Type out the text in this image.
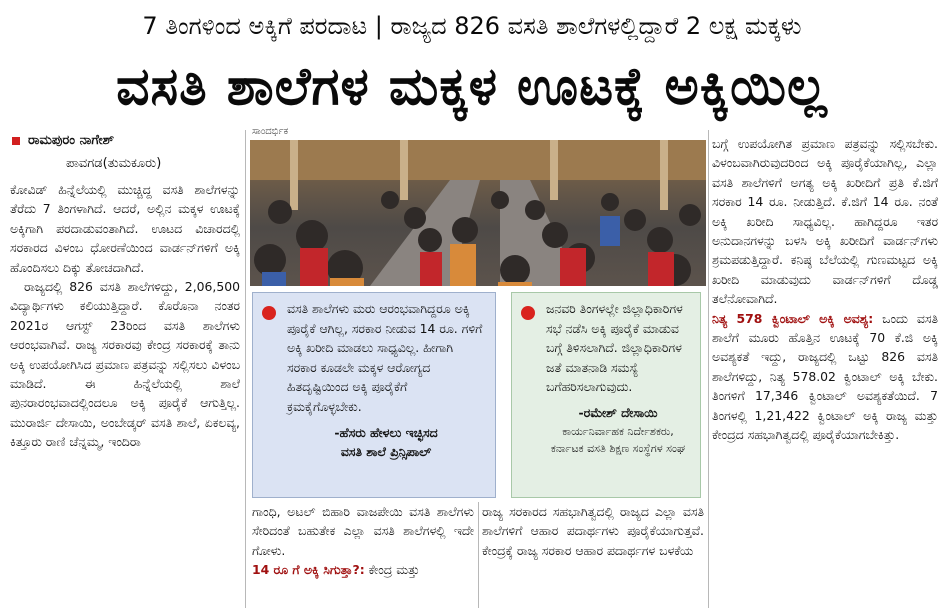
7 ತಿಂಗಳಿಂದ ಅಕ್ಕಿಗೆ ಪರದಾಟ | ರಾಜ್ಯದ 826 ವಸತಿ ಶಾಲೆಗಳಲ್ಲಿದ್ದಾರೆ 2 ಲಕ್ಷ ಮಕ್ಕಳು
ವಸತಿ ಶಾಲೆಗಳ ಮಕ್ಕಳ ಊಟಕ್ಕೆ ಅಕ್ಕಿಯಿಲ್ಲ
ರಾಮಪುರಂ ನಾಗೇಶ್
ಪಾವಗಡ(ತುಮಕೂರು)

ಕೋವಿಡ್ ಹಿನ್ನೆಲೆಯಲ್ಲಿ ಮುಚ್ಚಿದ್ದ ವಸತಿ ಶಾಲೆಗಳನ್ನು ತೆರೆದು 7 ತಿಂಗಳಾಗಿದೆ. ಆದರೆ, ಅಲ್ಲಿನ ಮಕ್ಕಳ ಊಟಕ್ಕೆ ಅಕ್ಕಿಗಾಗಿ ಪರದಾಡುವಂತಾಗಿದೆ. ಊಟದ ವಿಚಾರದಲ್ಲಿ ಸರಕಾರದ ವಿಳಂಬ ಧೋರಣೆಯಿಂದ ವಾರ್ಡನ್‌ಗಳಿಗೆ ಅಕ್ಕಿ ಹೊಂದಿಸಲು ದಿಕ್ಕು ತೋಚದಾಗಿದೆ.

ರಾಜ್ಯದಲ್ಲಿ 826 ವಸತಿ ಶಾಲೆಗಳಿದ್ದು, 2,06,500 ವಿದ್ಯಾರ್ಥಿಗಳು ಕಲಿಯುತ್ತಿದ್ದಾರೆ. ಕೊರೊನಾ ನಂತರ 2021ರ ಆಗಸ್ಟ್ 23ರಿಂದ ವಸತಿ ಶಾಲೆಗಳು ಆರಂಭವಾಗಿವೆ. ರಾಜ್ಯ ಸರಕಾರವು ಕೇಂದ್ರ ಸರಕಾರಕ್ಕೆ ತಾನು ಅಕ್ಕಿ ಉಪಯೋಗಿಸಿದ ಪ್ರಮಾಣ ಪತ್ರವನ್ನು ಸಲ್ಲಿಸಲು ವಿಳಂಬ ಮಾಡಿದೆ. ಈ ಹಿನ್ನೆಲೆಯಲ್ಲಿ ಶಾಲೆ ಪುನರಾರಂಭವಾದಲ್ಲಿಂದಲೂ ಅಕ್ಕಿ ಪೂರೈಕೆ ಆಗುತ್ತಿಲ್ಲ. ಮುರಾರ್ಜಿ ದೇಸಾಯಿ, ಅಂಬೇಡ್ಕರ್ ವಸತಿ ಶಾಲೆ, ಏಕಲವ್ಯ, ಕಿತ್ತೂರು ರಾಣಿ ಚೆನ್ನಮ್ಮ, ಇಂದಿರಾ

ಸಾಂದರ್ಭಿಕ
ವಸತಿ ಶಾಲೆಗಳು ಮರು ಆರಂಭವಾಗಿದ್ದರೂ ಅಕ್ಕಿ ಪೂರೈಕೆ ಆಗಿಲ್ಲ, ಸರಕಾರ ನೀಡುವ 14 ರೂ. ಗಳಿಗೆ ಅಕ್ಕಿ ಖರೀದಿ ಮಾಡಲು ಸಾಧ್ಯವಿಲ್ಲ. ಹೀಗಾಗಿ ಸರಕಾರ ಕೂಡಲೇ ಮಕ್ಕಳ ಆರೋಗ್ಯದ ಹಿತದೃಷ್ಟಿಯಿಂದ ಅಕ್ಕಿ ಪೂರೈಕೆಗೆ ಕ್ರಮಕೈಗೊಳ್ಳಬೇಕು.
-ಹೆಸರು ಹೇಳಲು ಇಚ್ಛಿಸದ
ವಸತಿ ಶಾಲೆ ಪ್ರಿನ್ಸಿಪಾಲ್
ಜನವರಿ ತಿಂಗಳಲ್ಲೇ ಜಿಲ್ಲಾಧಿಕಾರಿಗಳ ಸಭೆ ನಡೆಸಿ ಅಕ್ಕಿ ಪೂರೈಕೆ ಮಾಡುವ ಬಗ್ಗೆ ತಿಳಿಸಲಾಗಿದೆ. ಜಿಲ್ಲಾಧಿಕಾರಿಗಳ ಜತೆ ಮಾತನಾಡಿ ಸಮಸ್ಯೆ ಬಗೆಹರಿಸಲಾಗುವುದು.
-ರಮೇಶ್ ದೇಸಾಯಿ
ಕಾರ್ಯನಿರ್ವಾಹಕ ನಿರ್ದೇಶಕರು,
ಕರ್ನಾಟಕ ವಸತಿ ಶಿಕ್ಷಣ ಸಂಸ್ಥೆಗಳ ಸಂಘ
ಗಾಂಧಿ, ಅಟಲ್ ಬಿಹಾರಿ ವಾಜಪೇಯಿ ವಸತಿ ಶಾಲೆಗಳು ಸೇರಿದಂತೆ ಬಹುತೇಕ ಎಲ್ಲಾ ವಸತಿ ಶಾಲೆಗಳಲ್ಲಿ ಇದೇ ಗೋಳು.
14 ರೂ ಗೆ ಅಕ್ಕಿ ಸಿಗುತ್ತಾ?: ಕೇಂದ್ರ ಮತ್ತು
ರಾಜ್ಯ ಸರಕಾರದ ಸಹಭಾಗಿತ್ವದಲ್ಲಿ ರಾಜ್ಯದ ಎಲ್ಲಾ ವಸತಿ ಶಾಲೆಗಳಿಗೆ ಆಹಾರ ಪದಾರ್ಥಗಳು ಪೂರೈಕೆಯಾಗುತ್ತವೆ. ಕೇಂದ್ರಕ್ಕೆ ರಾಜ್ಯ ಸರಕಾರ ಆಹಾರ ಪದಾರ್ಥಗಳ ಬಳಕೆಯ

ಬಗ್ಗೆ ಉಪಯೋಗಿತ ಪ್ರಮಾಣ ಪತ್ರವನ್ನು ಸಲ್ಲಿಸಬೇಕು. ವಿಳಂಬವಾಗಿರುವುದರಿಂದ ಅಕ್ಕಿ ಪೂರೈಕೆಯಾಗಿಲ್ಲ, ಎಲ್ಲಾ ವಸತಿ ಶಾಲೆಗಳಿಗೆ ಅಗತ್ಯ ಅಕ್ಕಿ ಖರೀದಿಗೆ ಪ್ರತಿ ಕೆ.ಜಿಗೆ ಸರಕಾರ 14 ರೂ. ನೀಡುತ್ತಿದೆ. ಕೆ.ಜಿಗೆ 14 ರೂ. ನಂತೆ ಅಕ್ಕಿ ಖರೀದಿ ಸಾಧ್ಯವಿಲ್ಲ. ಹಾಗಿದ್ದರೂ ಇತರ ಅನುದಾನಗಳನ್ನು ಬಳಸಿ ಅಕ್ಕಿ ಖರೀದಿಗೆ ವಾರ್ಡನ್‌ಗಳು ಶ್ರಮಪಡುತ್ತಿದ್ದಾರೆ. ಕನಿಷ್ಠ ಬೆಲೆಯಲ್ಲಿ ಗುಣಮಟ್ಟದ ಅಕ್ಕಿ ಖರೀದಿ ಮಾಡುವುದು ವಾರ್ಡನ್‌ಗಳಿಗೆ ದೊಡ್ಡ ತಲೆನೋವಾಗಿದೆ.

ನಿತ್ಯ 578 ಕ್ವಿಂಟಾಲ್ ಅಕ್ಕಿ ಅವಶ್ಯ: ಒಂದು ವಸತಿ ಶಾಲೆಗೆ ಮೂರು ಹೊತ್ತಿನ ಊಟಕ್ಕೆ 70 ಕೆ.ಜಿ ಅಕ್ಕಿ ಅವಶ್ಯಕತೆ ಇದ್ದು, ರಾಜ್ಯದಲ್ಲಿ ಒಟ್ಟು 826 ವಸತಿ ಶಾಲೆಗಳಿದ್ದು, ನಿತ್ಯ 578.02 ಕ್ವಿಂಟಾಲ್ ಅಕ್ಕಿ ಬೇಕು. ತಿಂಗಳಿಗೆ 17,346 ಕ್ವಿಂಟಾಲ್ ಅವಶ್ಯಕತೆಯಿದೆ. 7 ತಿಂಗಳಲ್ಲಿ 1,21,422 ಕ್ವಿಂಟಾಲ್ ಅಕ್ಕಿ ರಾಜ್ಯ ಮತ್ತು ಕೇಂದ್ರದ ಸಹಭಾಗಿತ್ವದಲ್ಲಿ ಪೂರೈಕೆಯಾಗಬೇಕಿತ್ತು.
